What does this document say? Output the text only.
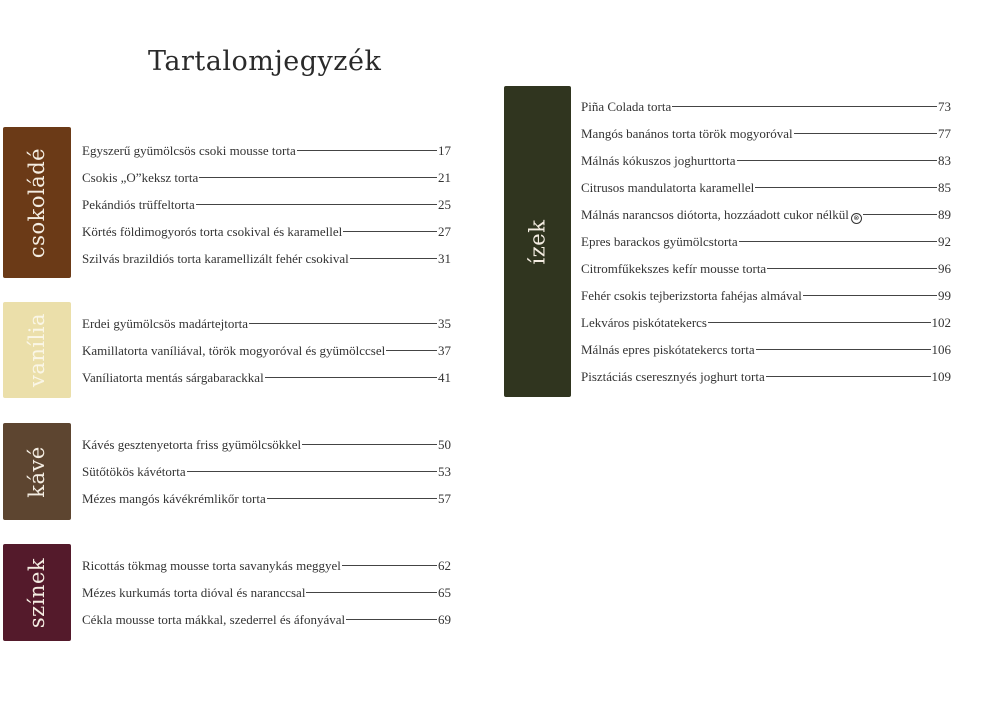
Tartalomjegyzék
csokoládé	Egyszerű gyümölcsös csoki mousse torta	17
Csokis „O”keksz torta	21
Pekándiós trüffeltorta	25
Körtés földimogyorós torta csokival és karamellel	27
Szilvás brazildiós torta karamellizált fehér csokival	31
vanília	Erdei gyümölcsös madártejtorta	35
Kamillatorta vaníliával, török mogyoróval és gyümölccsel	37
Vaníliatorta mentás sárgabarackkal	41
kávé
Kávés gesztenyetorta friss gyümölcsökkel	50
Sütőtökös kávétorta	53
Mézes mangós kávékrémlikőr torta	57
színek	Ricottás tökmag mousse torta savanykás meggyel	62
Mézes kurkumás torta dióval és naranccsal	65
Cékla mousse torta mákkal, szederrel és áfonyával	69
ízek
Piña Colada torta	73
Mangós banános torta török mogyoróval	77
Málnás kókuszos joghurttorta	83
Citrusos mandulatorta karamellel	85
Málnás narancsos diótorta, hozzáadott cukor nélkül ⊗	89
Epres barackos gyümölcstorta	92
Citromfűkekszes kefír mousse torta	96
Fehér csokis tejberizstorta fahéjas almával	99
Lekváros piskótatekercs	102
Málnás epres piskótatekercs torta	106
Pisztáciás cseresznyés joghurt torta	109
